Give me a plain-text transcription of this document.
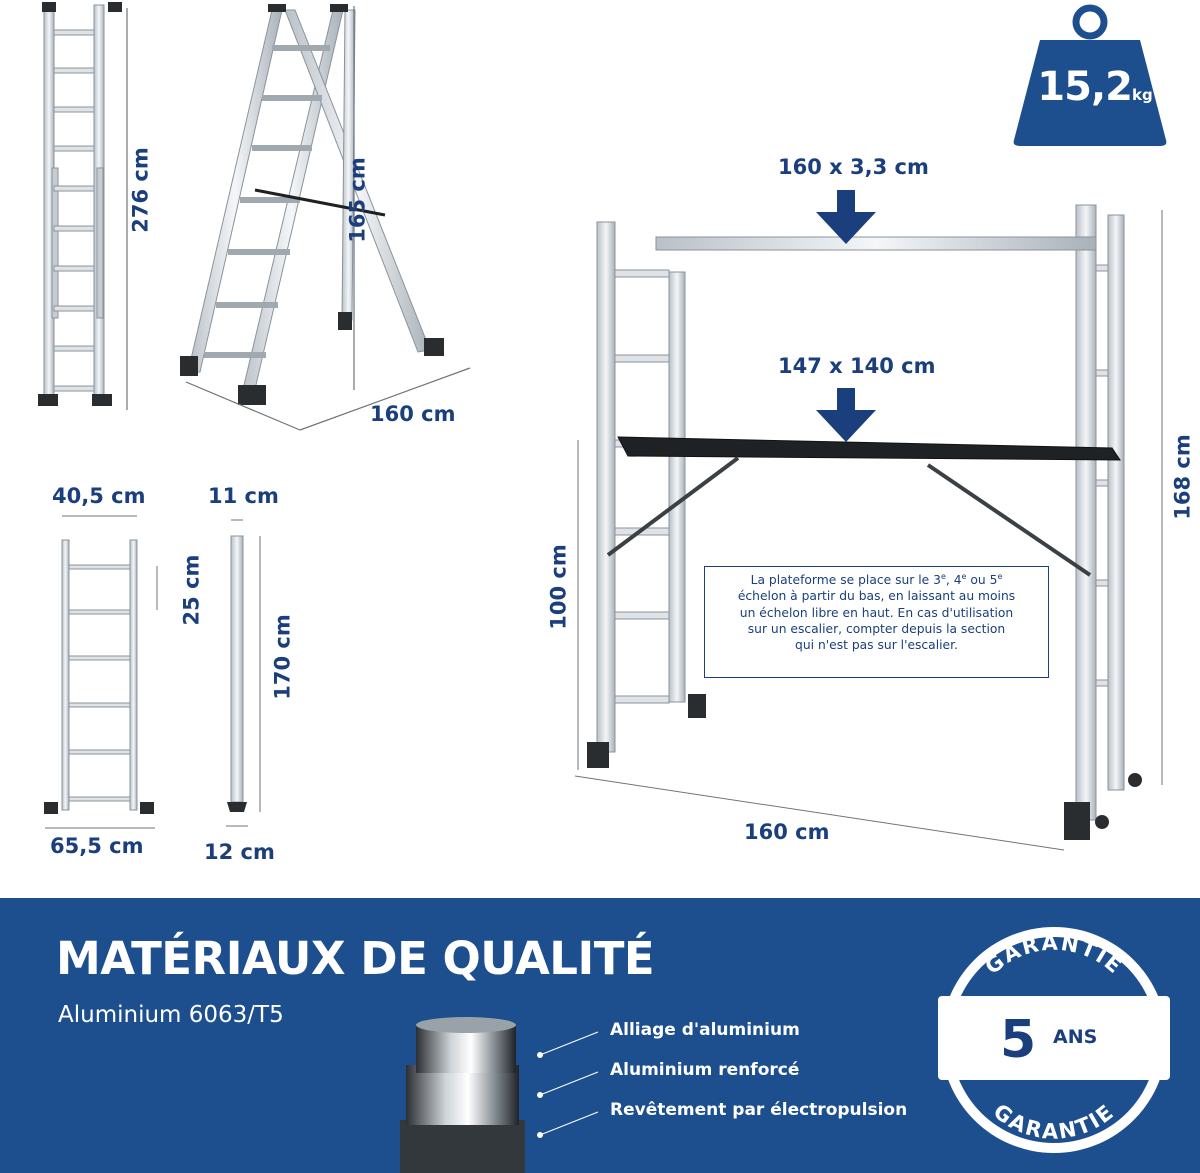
GARANTIE
GARANTIE
15,2kg
276 cm	165 cm
160 cm
40,5 cm
65,5 cm
25 cm
11 cm
12 cm
170 cm
160 x 3,3 cm
147 x 140 cm
100 cm
168 cm
160 cm
La plateforme se place sur le 3e, 4e ou 5e
échelon à partir du bas, en laissant au moins
un échelon libre en haut. En cas d'utilisation
sur un escalier, compter depuis la section
qui n'est pas sur l'escalier.
MATÉRIAUX DE QUALITÉ
Aluminium 6063/T5
Alliage d'aluminium
Aluminium renforcé
Revêtement par électropulsion
5 ANS
